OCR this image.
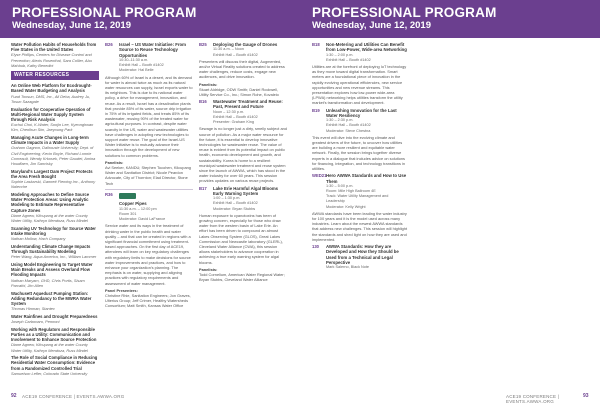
PROFESSIONAL PROGRAM
Wednesday, June 12, 2019
Water Pollution Habits of Households from Five States in the United States
Elyse Phillips, Centers for Disease Control and Prevention; Alexis Rosenthal, Sara Collier, Abu Mahbub, Kathy Benedict
WATER RESOURCES
An Online Web Platform for Ecodrought-Based Water Budgeting and Analysis
Fuad Toosun, DMS, Inc., Ali Deha, Audrey Ju, Tosun Sazagale
Evaluation for Cooperative Operation of Multi-Regional Water Supply System through Risk Analysis
Euchul Choi, K-Water, Soojin Lee, Kyeonghwan Kim, Cheolhun Sim, Jaeyoung Park
Managing Acute Changes in Long-term Climate Impacts in a Water Supply
Graham Gagnon, Dalhousie University; Dept. of Civil Engineering; Kevin Boyle, Richard Lonnie Comeault, Wendy Krkosek, Peter Gaudet, Amina Houdfaen, Jim Sancisky
Maryland's Largest Dam Project Protects the Area Fresh Bought
Sophie Laskarski, Gannett Fleming Inc., Anthony Nalevche
Modeling Approaches to Define Source Water Protection Areas: Using Analytic Modeling to Estimate Representative Capture Zones
Diane Agnew, Kilcupang at the water County Water Utility, Kathryn Mendoza, Russ Mindel
Scanning UV Technology for Source Water Intake Monitoring
Nathan Mollow, Hach Company
Understanding Climate Change Impacts Through Sustainability Modeling
Peter Wang, Aqua America, Inc., William Lammer
Using Model Engineering to Target Water Main Breaks and Assess Overland Flow Flooding Impacts
Nathan Maryam, GHD, Chris Portis, Sisam Parvathi, Jim Allen
Wachusett Aqueduct Pumping Station: Adding Redundancy to the MWRA Water System
Thomas Hinman, Stantec
Water Rainfines and Drought Preparedness
Joseph Carbonaro, Pennoni
Working with Regulators and Responsible Parties as a Utility: Communication and Involvement to Enhance Source Protection
Diane Agnew, Kilcupang at the water County Water Utility, Kathryn Mendoza, Russ Mindel
The Role of Social Compliance in Reducing Residential Water Consumption: Evidence from a Randomized Controlled Trial
Samuelson Lefler, Colorado State University
B26	Israel – US Water Initiative: From Source to Reuse Technology Opportunities
10:30–11:30 a.m.
Exhibit Hall – Booth #1402
Moderator: Hal Belle

Although 60% of Israel is a desert, and its demand for water is almost twice as much as its natural water resources can supply, Israel exports water to its neighbors. This is due to its national water policy, a drive for management, innovation, and reuse. As a result, Israel has a desalination plants that provide 85% of its water, source drip irrigation in 75% of its irrigated fields, and treats 85% of its wastewater, reusing 90% of the treated water for agricultural purposes. In contrast, despite water scarcity in the US, water and wastewater utilities have challenges in adopting new technologies to support water reuse. The goal of the Israel-US Water Initiative is to mutually advance their innovation through the development of new solutions to common problems.

Panelists:

Avi Seeker, KANDU; Stephen Tocohen, Kilcupang Water and Sanitation District; Nicole Peardon Advocate, City of Thornton; Elad Director, Stone Tech

R36
Copper Pipes
11:30 a.m. – 12:00 pm
Room 301
Moderator: David LaFrance

Service water and its ways in the treatment of drinking water in the public health and water quality – and that can be created in regions with a significant financial commitment using treatment-based approaches. On the first day of ACE19, attendees will learn on key regulatory challenges with regulatory limits to make decisions for source water improvements and practices, and how to enhance your organization's planning. The emphasis is on water, supplying and aligning practices with regulatory requirements and assessment of water management.

Panel Presenters:

Christine Rhie, Sanitation Engineers; Jon Graves, Ulterius Group; Jeff Crimer, Healthy Watersheds Consortium; Matt Smith, Kansas Water Office

B25	Deploying the Gauge of Drones
11:30 a.m. – Noon
Exhibit Hall – Booth #1402

Presenters will discuss their digital, Augmented, and/or Virtual Reality solutions created to address water challenges, reduce costs, engage new audiences, and drive innovation.

Panelists:

Stuart Aldridge, ODW Smith; Daniel Rockwell, Utility Service Co., Inc.; Simon Rohe, Kovaleio

B16	Wastewater Treatment and Reuse: Past, Present and Future
Noon – 12:30 p.m.
Exhibit Hall – Booth #1402
Presenter: Graham King

Sewage is no longer just a dirty, smelly subject and source of pollution. As a major water resource for the future, it is essential to develop innovative technologies for wastewater reuse. The value of reuse is evident from its potential impact on public health, economic development and growth, and sustainability. Korea is home to a resilient municipal wastewater treatment and reuse system since the launch of AWWA, which has stood in the water industry for over 60 years. This session provides updates on various reuse projects.

B17	Lake Erie Harmful Algal Blooms Early Warning System
1:00 – 1:30 p.m.
Exhibit Hall – Booth #1402
Moderator: Bryan Stubbs

Human exposure to cyanotoxins has been of growing concern, especially for those who draw water from the western basin of Lake Erie. An effort has been driven to compound an almost Lakes Observing System (GLOS), Great Lakes Commission and Newcastle laboratory (GLERL), Cleveland Water Alliance (CWA), this session allows stakeholders to advance cooperation in achieving a true early warning system for algal blooms.

Panelists:

Todd Cornelium, American Water Regional Water; Bryan Stubbs, Cleveland Water Alliance

92 ACE19 CONFERENCE | EVENTS.AWWA.ORG
PROFESSIONAL PROGRAM
Wednesday, June 12, 2019
B18	Non-Metering and Utilities Can Benefit from Low-Power, Wide-area Networking
1:30 – 2:00 p.m.
Exhibit Hall – Booth #1402

Utilities are at the forefront of deploying IoT technology as they move toward digital transformation. Smart meters are a foundational piece of innovation in the rapidly evolving operational efficiencies, new service opportunities and new revenue streams. This presentation explores how low-power wide-area (LPWA) networking helps utilities transform the utility market's transformation and development.

B19	Unleashing Innovation for the Last Water Resiliency
1:30 – 2:30 p.m.
Exhibit Hall – Booth #1402
Moderator: Steve Chestna

This event will dive into the evolving climate and greatest drivers of the future, to uncover how utilities are building a more resilient and equitable water network. Finally, the session brings together diverse experts in a dialogue that includes advice on solutions for financing, integration, and technology transitions in utilities.

WED21 Hero AWWA Standards and How to Use Them
1:30 – 5:00 p.m.
Room: Mile High Ballroom 4E
Track: Water Utility Management and Leadership
Moderator: Kelly Wright

AWWA standards have been leading the water industry for 100 years and it is the model used across many industries. Learn about the newest AWWA standards that address new challenges. This session will highlight the standards and shed light on how they are used and implemented.

130	AWWA Standards: How they are Developed and How they Should be Used from a Technical and Legal Perspective
Mark Salerno, Black Note
ACE19 CONFERENCE | EVENTS.AWWA.ORG
93
